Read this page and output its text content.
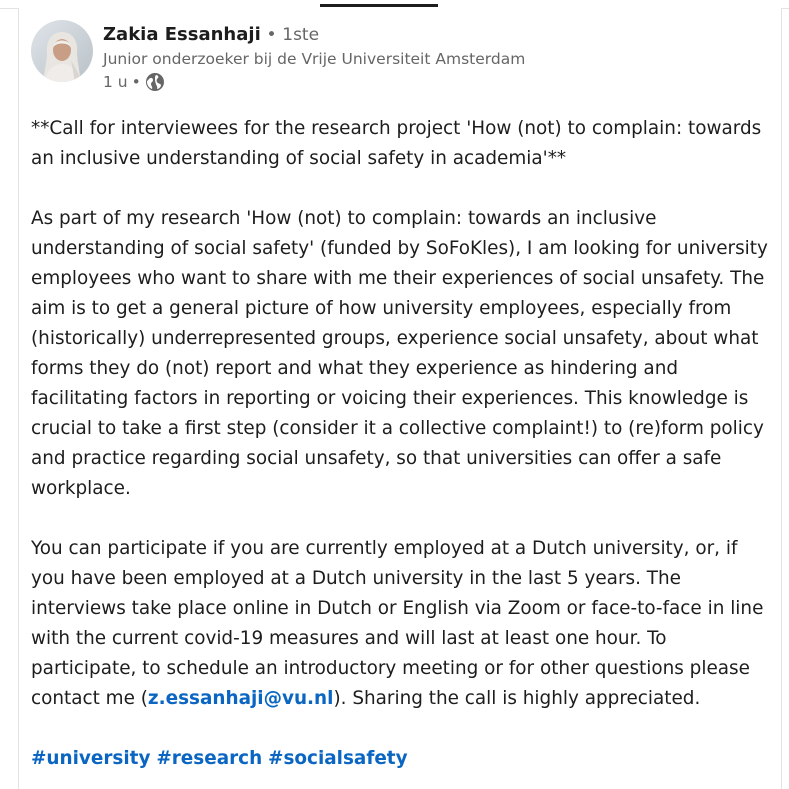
Zakia Essanhaji • 1ste
Junior onderzoeker bij de Vrije Universiteit Amsterdam
1 u •

**Call for interviewees for the research project 'How (not) to complain: towards an inclusive understanding of social safety in academia'**

As part of my research 'How (not) to complain: towards an inclusive understanding of social safety' (funded by SoFoKles), I am looking for university employees who want to share with me their experiences of social unsafety. The aim is to get a general picture of how university employees, especially from (historically) underrepresented groups, experience social unsafety, about what forms they do (not) report and what they experience as hindering and facilitating factors in reporting or voicing their experiences. This knowledge is crucial to take a first step (consider it a collective complaint!) to (re)form policy and practice regarding social unsafety, so that universities can offer a safe workplace.

You can participate if you are currently employed at a Dutch university, or, if you have been employed at a Dutch university in the last 5 years. The interviews take place online in Dutch or English via Zoom or face-to-face in line with the current covid-19 measures and will last at least one hour. To participate, to schedule an introductory meeting or for other questions please contact me (z.essanhaji@vu.nl). Sharing the call is highly appreciated.

#university #research #socialsafety
